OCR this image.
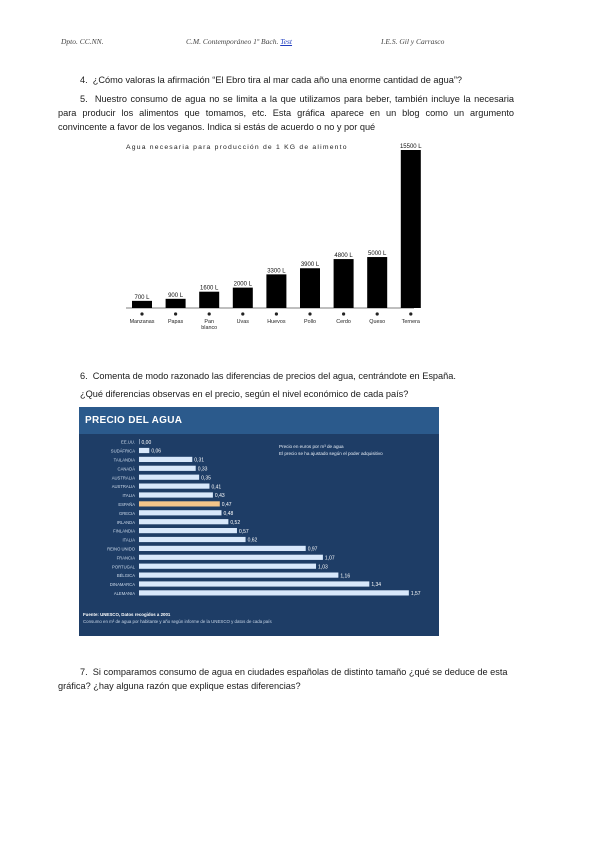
Dpto. CC.NN.	C.M. Contemporáneo 1º Bach. Test	I.E.S. Gil y Carrasco
4. ¿Cómo valoras la afirmación “El Ebro tira al mar cada año una enorme cantidad de agua”?
5. Nuestro consumo de agua no se limita a la que utilizamos para beber, también incluye la necesaria para producir los alimentos que tomamos, etc. Esta gráfica aparece en un blog como un argumento convincente a favor de los veganos. Indica si estás de acuerdo o no y por qué
Agua necesaria para producción de 1 KG de alimento
700 L
Manzanas
900 L
Papas
1600 L
Pan
blanco
2000 L
Uvas
3300 L
Huevos
3900 L
Pollo
4800 L
Cerdo
5000 L
Queso
15500 L
Ternera
6. Comenta de modo razonado las diferencias de precios del agua, centrándote en España.
¿Qué diferencias observas en el precio, según el nivel económico de cada país?
PRECIO DEL AGUA
Precio en euros por m³ de agua
El precio se ha ajustado según el poder adquisitivo
EE.UU. 0,00
SUDÁFRICA	0,06
TAILANDIA	0,31
CANADÁ	0,33
AUSTRALIA	0,35
AUSTRALIA	0,41
ITALIA	0,43
ESPAÑA	0,47
GRECIA	0,48
IRLANDA	0,52
FINLANDIA	0,57
ITALIA	0,62
REINO UNIDO	0,97
FRANCIA	1,07
PORTUGAL	1,03
BÉLGICA	1,16
DINAMARCA	1,34
ALEMANIA	1,57
Fuente: UNESCO, Datos recogidos a 2001
Consumo en m³ de agua por habitante y año según informe de la UNESCO y datos de cada país
7. Si comparamos consumo de agua en ciudades españolas de distinto tamaño ¿qué se deduce de esta gráfica? ¿hay alguna razón que explique estas diferencias?
